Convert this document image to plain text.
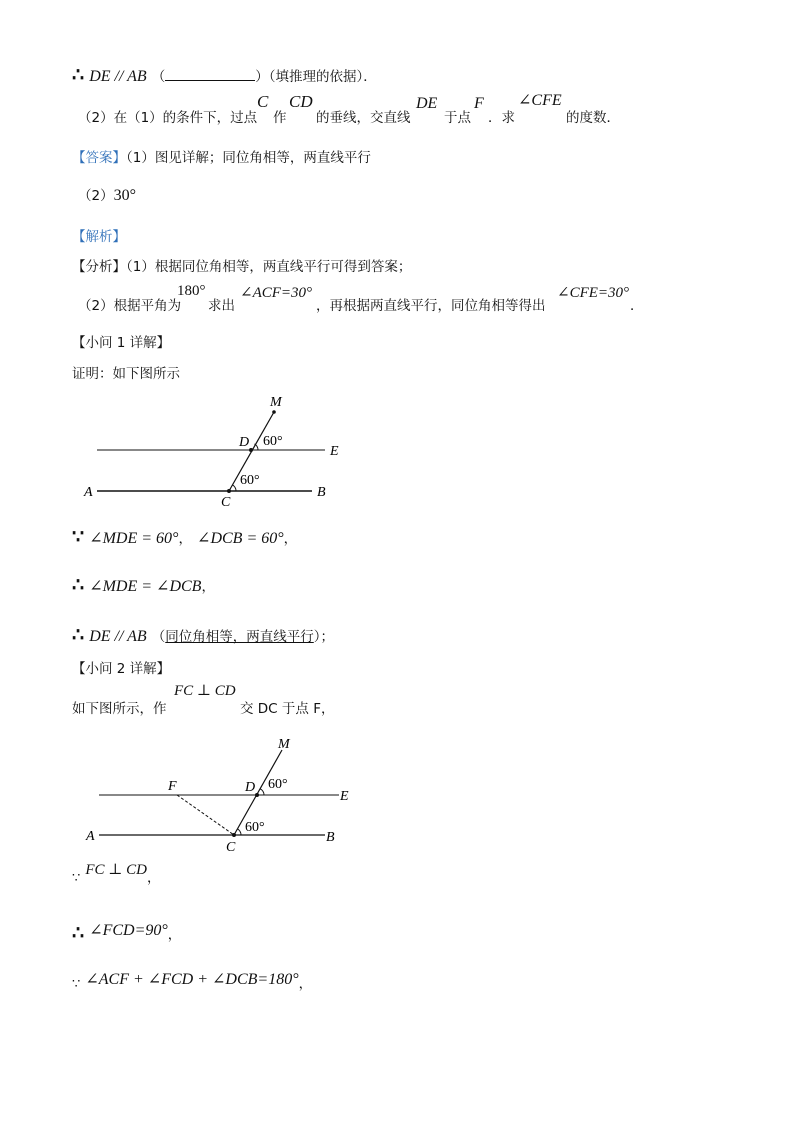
∴ DE // AB （	）（填推理的依据）．
（2）在（1）的条件下，过点
C
作
CD
的垂线，交直线
DE
于点
F
．求
∠CFE
的度数．
【答案】（1）图见详解；同位角相等，两直线平行
（2）30°
【解析】
【分析】（1）根据同位角相等，两直线平行可得到答案；
（2）根据平角为
180°
求出
∠ACF=30°
，再根据两直线平行，同位角相等得出
∠CFE=30°
．
【小问 1 详解】
证明：如下图所示
M
D 60°
E
60°
A	B
C
∵ ∠MDE = 60°， ∠DCB = 60°，
∴ ∠MDE = ∠DCB，
∴ DE // AB （同位角相等，两直线平行）；
【小问 2 详解】
如下图所示，作
FC ⊥ CD
交 DC 于点 F，
M
F	D 60°
E
60°
A	B
C
∵ FC ⊥ CD，
∴ ∠FCD=90°，
∵ ∠ACF + ∠FCD + ∠DCB=180°，
